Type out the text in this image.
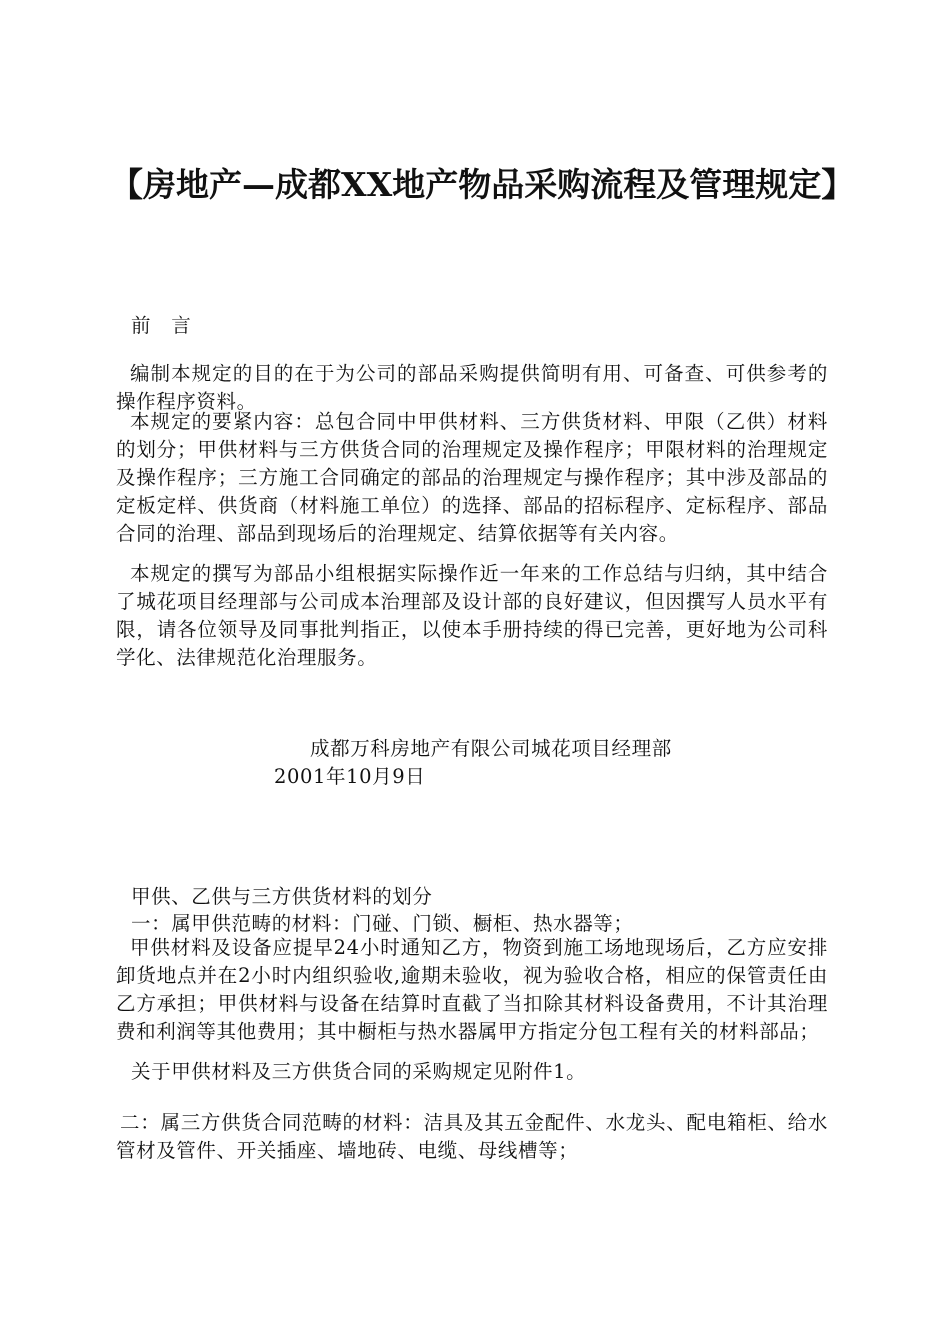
【房地产—成都XX地产物品采购流程及管理规定】
前　言
编制本规定的目的在于为公司的部品采购提供简明有用、可备查、可供参考的操作程序资料。
本规定的要紧内容：总包合同中甲供材料、三方供货材料、甲限（乙供）材料的划分；甲供材料与三方供货合同的治理规定及操作程序；甲限材料的治理规定及操作程序；三方施工合同确定的部品的治理规定与操作程序；其中涉及部品的定板定样、供货商（材料施工单位）的选择、部品的招标程序、定标程序、部品合同的治理、部品到现场后的治理规定、结算依据等有关内容。
本规定的撰写为部品小组根据实际操作近一年来的工作总结与归纳，其中结合了城花项目经理部与公司成本治理部及设计部的良好建议，但因撰写人员水平有限，请各位领导及同事批判指正，以使本手册持续的得已完善，更好地为公司科学化、法律规范化治理服务。
成都万科房地产有限公司城花项目经理部
2001年10月9日
甲供、乙供与三方供货材料的划分
一：属甲供范畴的材料：门碰、门锁、橱柜、热水器等；
甲供材料及设备应提早24小时通知乙方，物资到施工场地现场后，乙方应安排卸货地点并在2小时内组织验收,逾期未验收，视为验收合格，相应的保管责任由乙方承担；甲供材料与设备在结算时直截了当扣除其材料设备费用，不计其治理费和利润等其他费用；其中橱柜与热水器属甲方指定分包工程有关的材料部品；
关于甲供材料及三方供货合同的采购规定见附件1。
二：属三方供货合同范畴的材料：洁具及其五金配件、水龙头、配电箱柜、给水管材及管件、开关插座、墙地砖、电缆、母线槽等；
